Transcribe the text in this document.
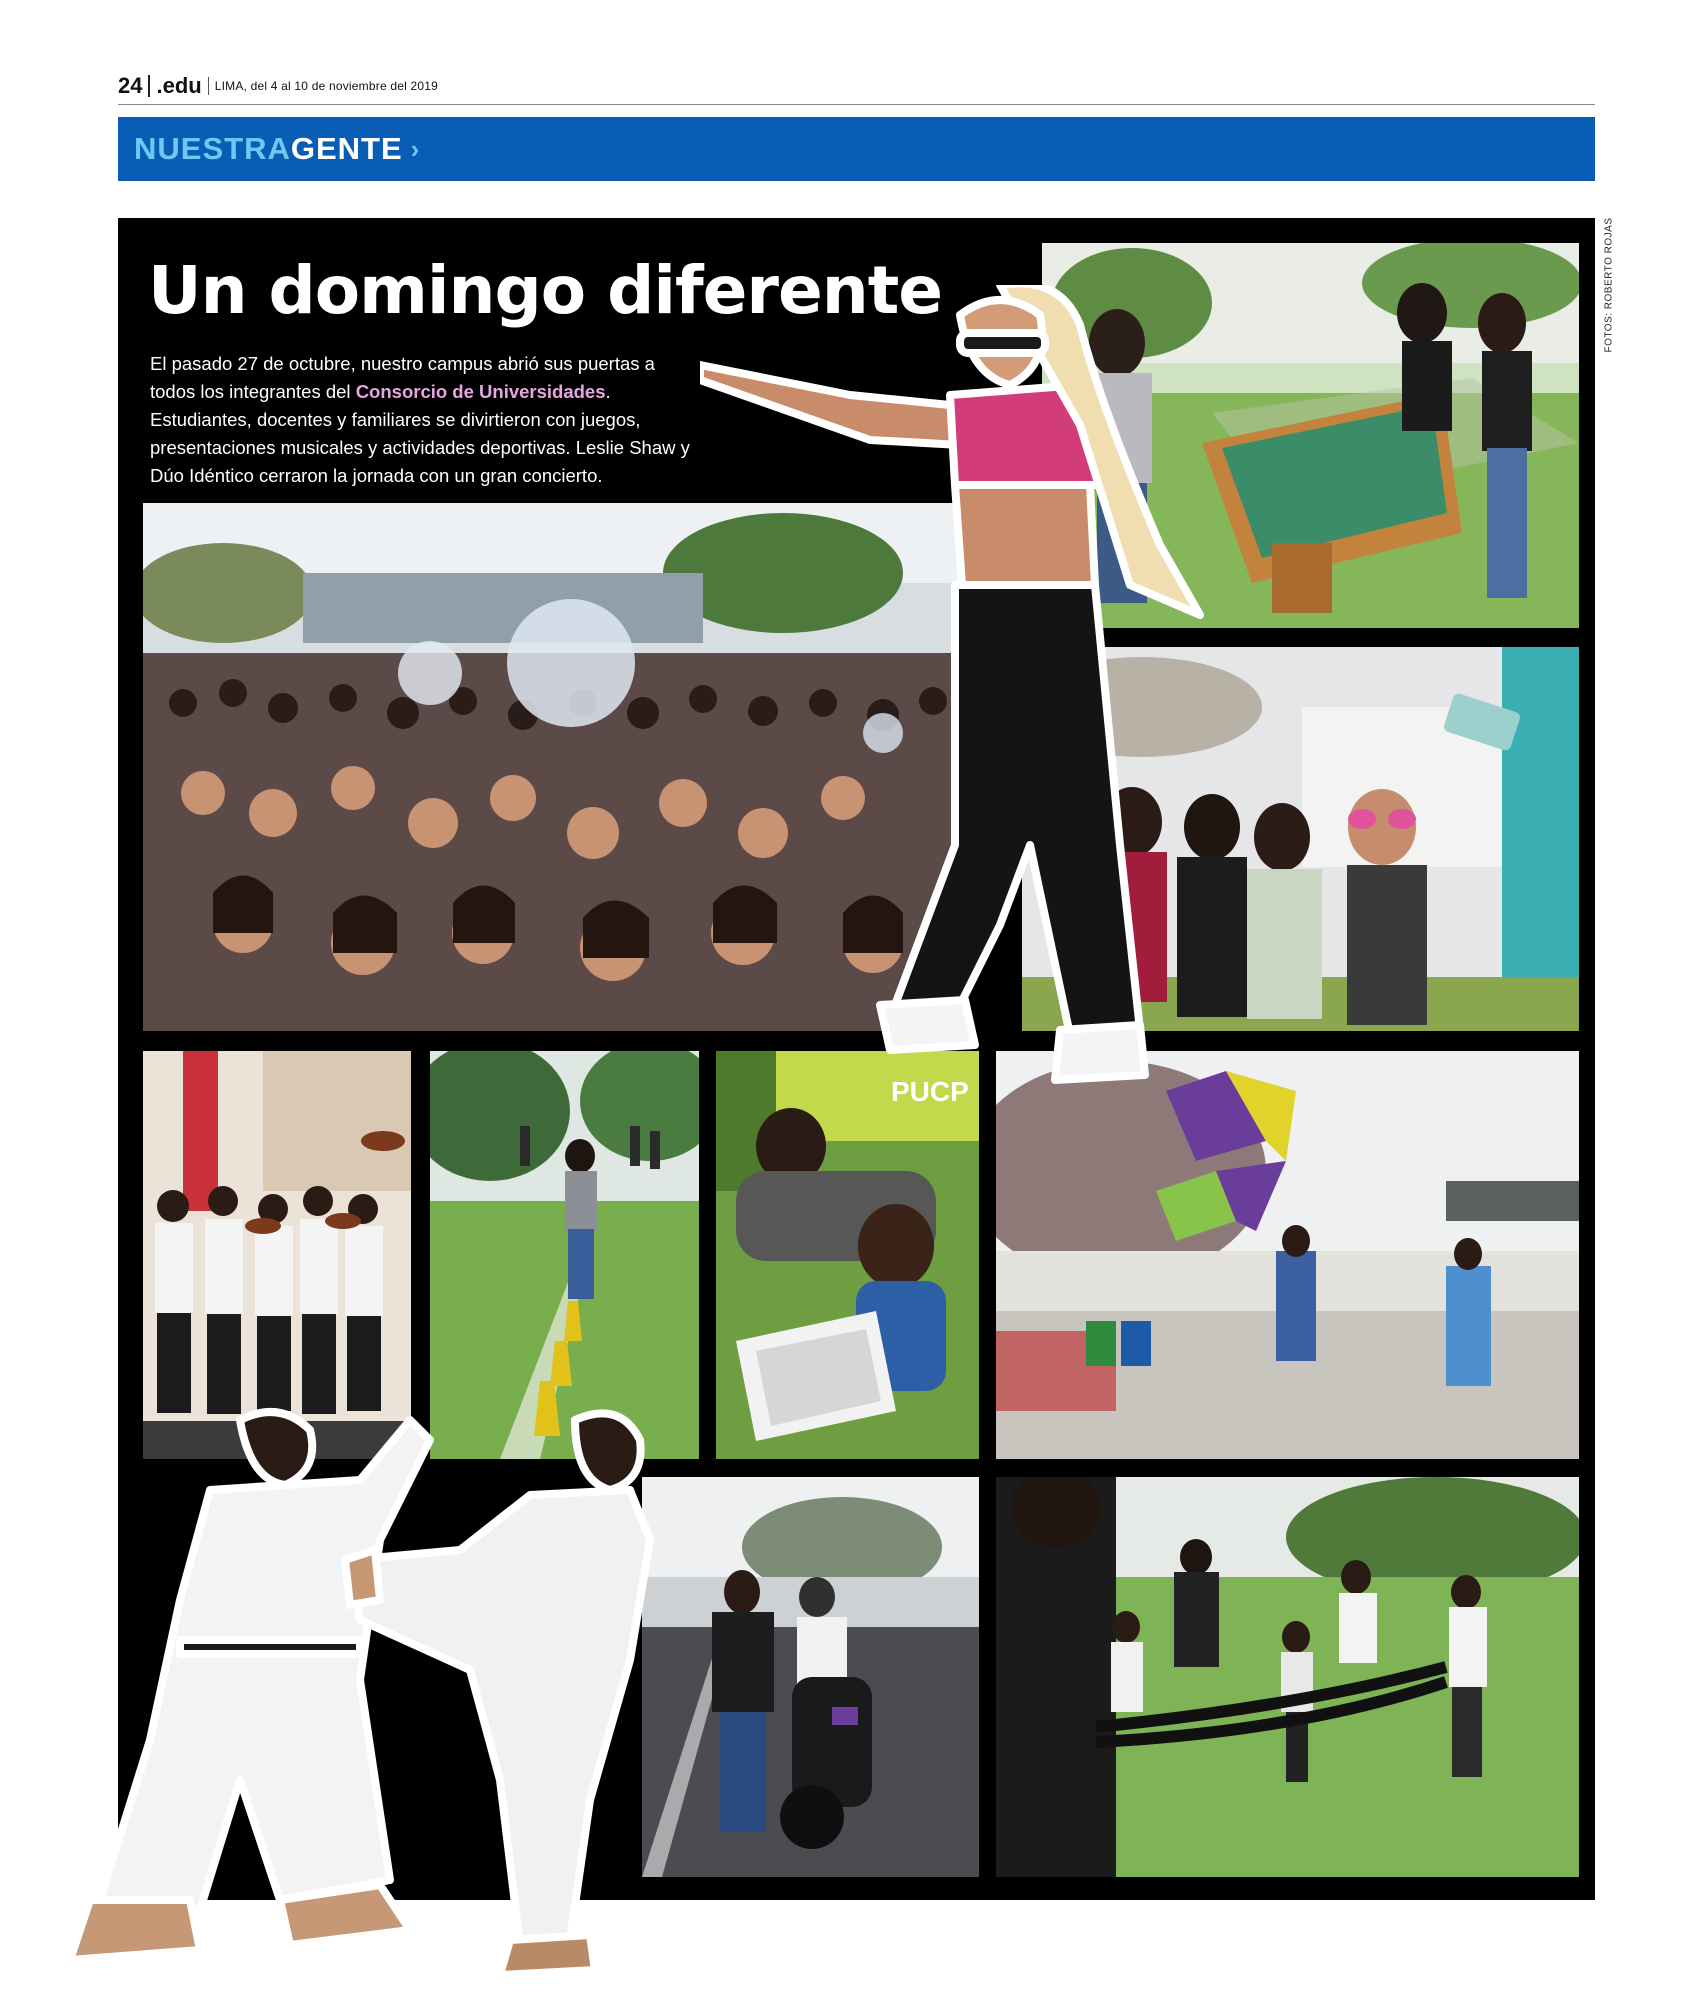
24 .edu LIMA, del 4 al 10 de noviembre del 2019
NUESTRA GENTE ›
FOTOS: ROBERTO ROJAS
PUCP
Un domingo diferente

El pasado 27 de octubre, nuestro campus abrió sus puertas a todos los integrantes del Consorcio de Universidades. Estudiantes, docentes y familiares se divirtieron con juegos, presentaciones musicales y actividades deportivas. Leslie Shaw y Dúo Idéntico cerraron la jornada con un gran concierto.
